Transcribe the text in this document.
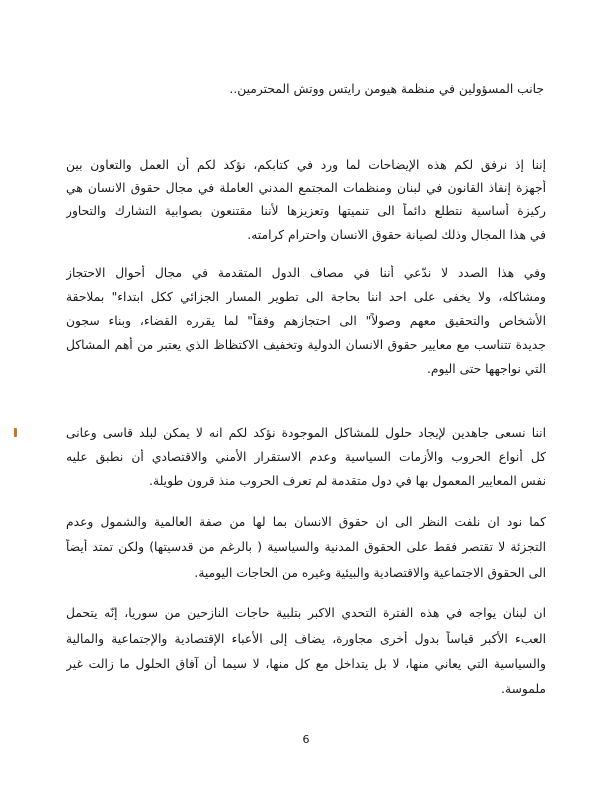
جانب المسؤولين في منظمة هيومن رايتس ووتش المحترمين..
إننا إذ نرفق لكم هذه الإيضاحات لما ورد في كتابكم، نؤكد لكم أن العمل والتعاون بين
أجهزة إنفاذ القانون في لبنان ومنظمات المجتمع المدني العاملة في مجال حقوق الانسان هي
ركيزة أساسية نتطلع دائماً الى تنميتها وتعزيزها لأننا مقتنعون بصوابية التشارك والتحاور
في هذا المجال وذلك لصيانة حقوق الانسان واحترام كرامته.
وفي هذا الصدد لا ندّعي أننا في مصاف الدول المتقدمة في مجال أحوال الاحتجاز
ومشاكله، ولا يخفى على احد اننا بحاجة الى تطوير المسار الجزائي ككل ابتداء" بملاحقة
الأشخاص والتحقيق معهم وصولاً" الى احتجازهم وفقاً" لما يقرره القضاء، وبناء سجون
جديدة تتناسب مع معايير حقوق الانسان الدولية وتخفيف الاكتظاظ الذي يعتبر من أهم المشاكل
التي نواجهها حتى اليوم.
اننا نسعى جاهدين لإيجاد حلول للمشاكل الموجودة نؤكد لكم انه لا يمكن لبلد قاسى وعانى
كل أنواع الحروب والأزمات السياسية وعدم الاستقرار الأمني والاقتصادي أن نطبق عليه
نفس المعايير المعمول بها في دول متقدمة لم تعرف الحروب منذ قرون طويلة.
كما نود ان نلفت النظر الى ان حقوق الانسان بما لها من صفة العالمية والشمول وعدم
التجزئة لا تقتصر فقط على الحقوق المدنية والسياسية ( بالرغم من قدسيتها) ولكن تمتد أيضاً
الى الحقوق الاجتماعية والاقتصادية والبيئية وغيره من الحاجات اليومية.
ان لبنان يواجه في هذه الفترة التحدي الاكبر بتلبية حاجات النازحين من سوريا، إنّه يتحمل
العبء الأكبر قياساً بدول أخرى مجاورة، يضاف إلى الأعباء الإقتصادية والإجتماعية والمالية
والسياسية التي يعاني منها، لا بل يتداخل مع كل منها، لا سيما أن آفاق الحلول ما زالت غير
ملموسة.
6
